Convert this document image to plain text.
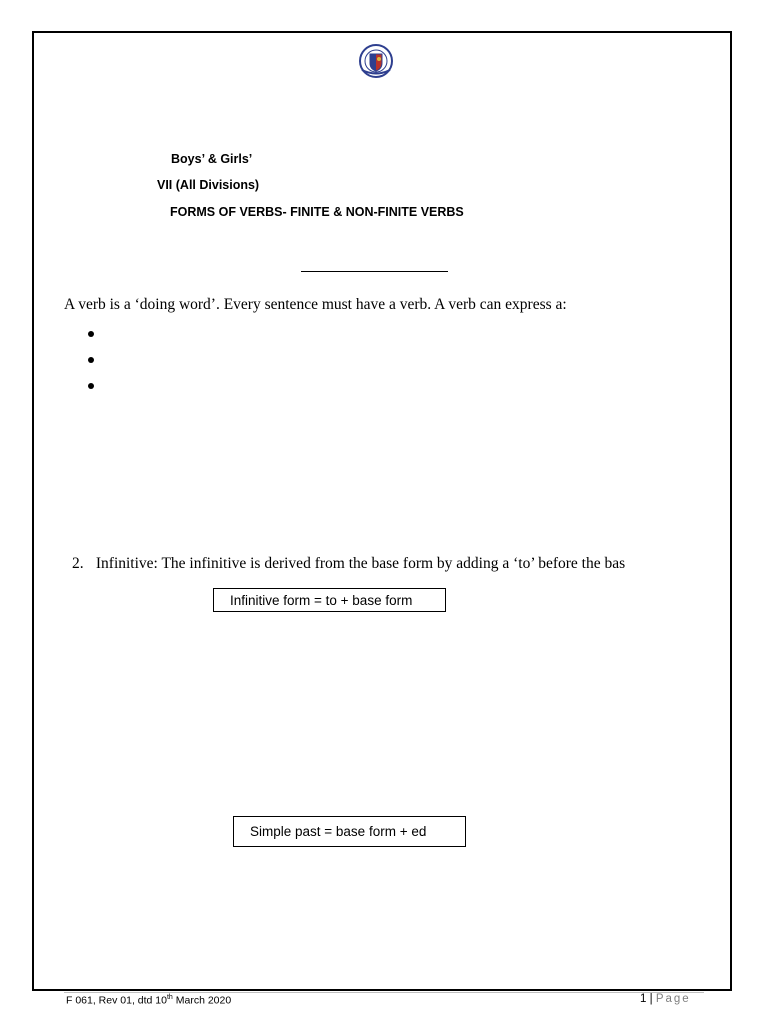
Boys’ & Girls’
VII (All Divisions)
FORMS OF VERBS- FINITE & NON-FINITE VERBS
A verb is a ‘doing word’. Every sentence must have a verb. A verb can express a:
2. Infinitive: The infinitive is derived from the base form by adding a ‘to’ before the bas
Infinitive form = to + base form
Simple past = base form + ed
F 061, Rev 01, dtd 10th March 2020	1 | Page
